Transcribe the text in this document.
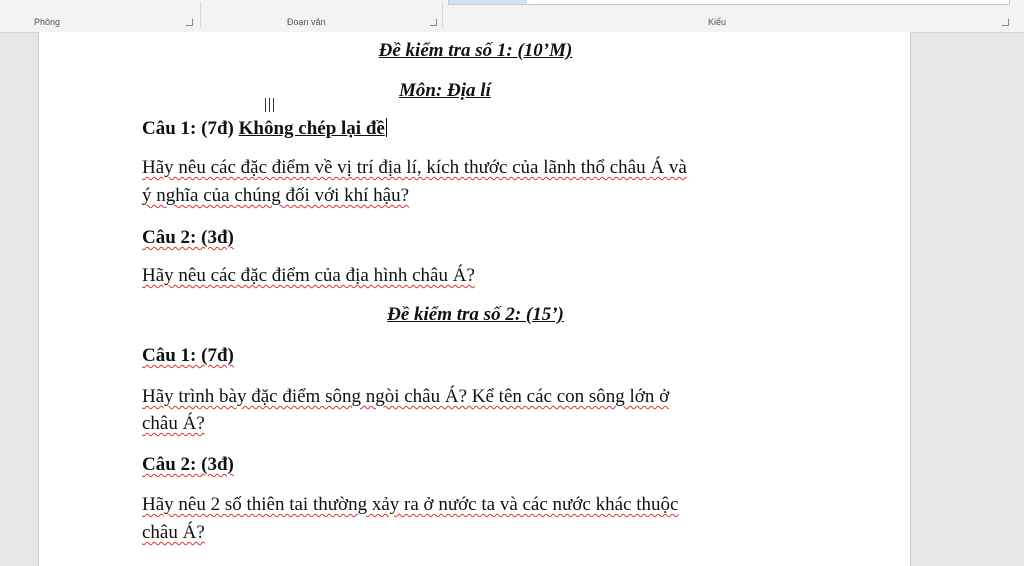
Phông	Đoạn văn	Kiểu
Đề kiểm tra số 1: (10’M)
Môn: Địa lí
Câu 1: (7đ) Không chép lại đề
Hãy nêu các đặc điểm về vị trí địa lí, kích thước của lãnh thổ châu Á và
ý nghĩa của chúng đối với khí hậu?
Câu 2: (3đ)
Hãy nêu các đặc điểm của địa hình châu Á?
Đề kiểm tra số 2: (15’)
Câu 1: (7đ)
Hãy trình bày đặc điểm sông ngòi châu Á? Kể tên các con sông lớn ở
châu Á?
Câu 2: (3đ)
Hãy nêu 2 số thiên tai thường xảy ra ở nước ta và các nước khác thuộc
châu Á?
